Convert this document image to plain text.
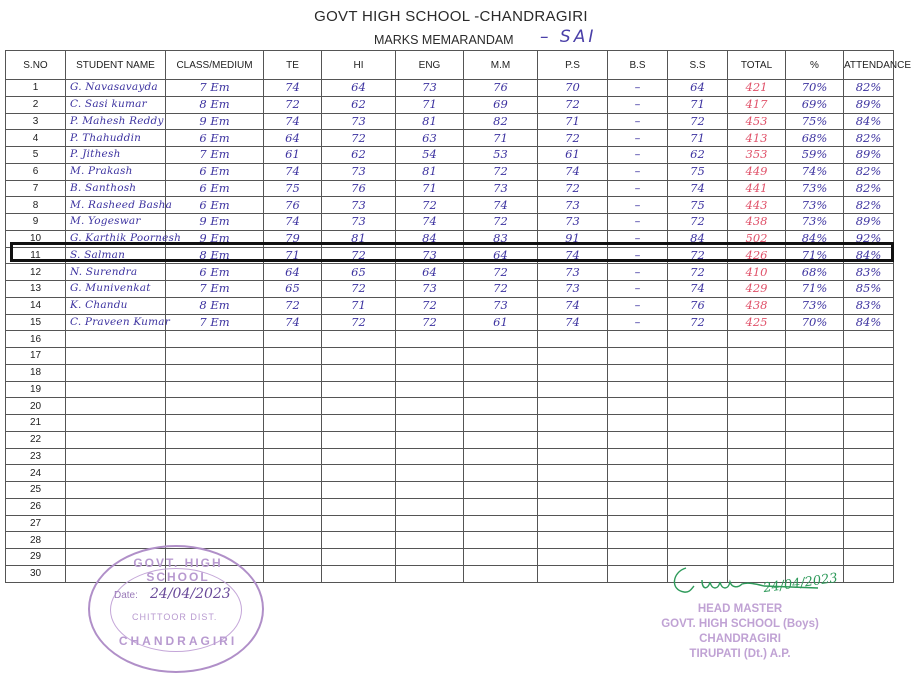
GOVT HIGH SCHOOL -CHANDRAGIRI
MARKS MEMARANDAM – SAI
S.NO	STUDENT NAME	CLASS/MEDIUM	TE	HI	ENG	M.M	P.S	B.S	S.S	TOTAL	%	ATTENDANCE
1	G. Navasavayda	7 Em	74	64	73	76	70	–	64	421	70%	82%
2	C. Sasi kumar	8 Em	72	62	71	69	72	–	71	417	69%	89%
3	P. Mahesh Reddy	9 Em	74	73	81	82	71	–	72	453	75%	84%
4	P. Thahuddin	6 Em	64	72	63	71	72	–	71	413	68%	82%
5	P. Jithesh	7 Em	61	62	54	53	61	–	62	353	59%	89%
6	M. Prakash	6 Em	74	73	81	72	74	–	75	449	74%	82%
7	B. Santhosh	6 Em	75	76	71	73	72	–	74	441	73%	82%
8	M. Rasheed Basha	6 Em	76	73	72	74	73	–	75	443	73%	82%
9	M. Yogeswar	9 Em	74	73	74	72	73	–	72	438	73%	89%
10	G. Karthik Poornesh	9 Em	79	81	84	83	91	–	84	502	84%	92%
11	S. Salman	8 Em	71	72	73	64	74	–	72	426	71%	84%
12	N. Surendra	6 Em	64	65	64	72	73	–	72	410	68%	83%
13	G. Munivenkat	7 Em	65	72	73	72	73	–	74	429	71%	85%
14	K. Chandu	8 Em	72	71	72	73	74	–	76	438	73%	83%
15	C. Praveen Kumar	7 Em	74	72	72	61	74	–	72	425	70%	84%
16												
17												
18												
19												
20												
21												
22												
23												
24												
25												
26												
27												
28												
29												
30												
GOVT. HIGH SCHOOL
Date: 24/04/2023
CHITTOOR DIST.
CHANDRAGIRI
24/04/2023
HEAD MASTER
GOVT. HIGH SCHOOL (Boys)
CHANDRAGIRI
TIRUPATI (Dt.) A.P.
